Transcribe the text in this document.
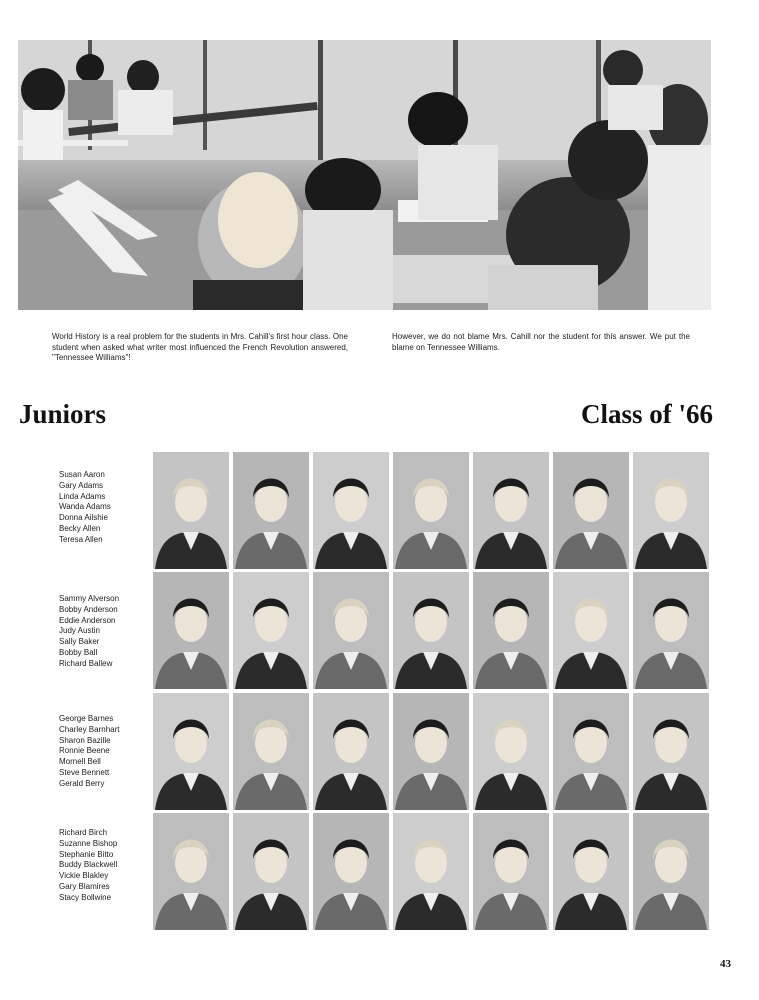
World History is a real problem for the students in Mrs. Cahill's first hour class. One student when asked what writer most influenced the French Revolution answered, "Tennessee Williams"!

However, we do not blame Mrs. Cahill nor the student for this answer. We put the blame on Tennessee Williams.

Juniors	Class of '66
Susan Aaron
Gary Adams
Linda Adams
Wanda Adams
Donna Ailshie
Becky Allen
Teresa Allen
Sammy Alverson
Bobby Anderson
Eddie Anderson
Judy Austin
Sally Baker
Bobby Ball
Richard Ballew
George Barnes
Charley Barnhart
Sharon Bazille
Ronnie Beene
Mornell Bell
Steve Bennett
Gerald Berry
Richard Birch
Suzanne Bishop
Stephanie Bitto
Buddy Blackwell
Vickie Blakley
Gary Blamires
Stacy Bollwine
43
